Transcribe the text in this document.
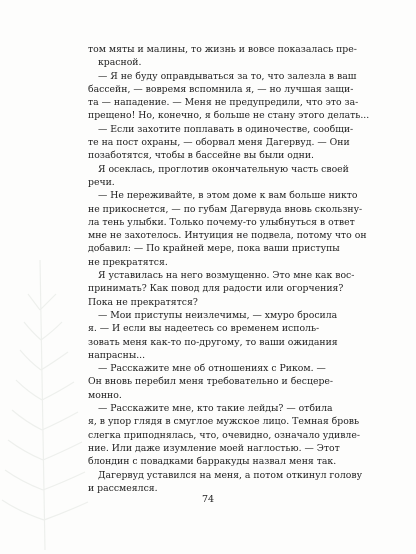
том мяты и малины, то жизнь и вовсе показалась пре-
красной.
— Я не буду оправдываться за то, что залезла в ваш
бассейн, — вовремя вспомнила я, — но лучшая защи-
та — нападение. — Меня не предупредили, что это за-
прещено! Но, конечно, я больше не стану этого делать...
— Если захотите поплавать в одиночестве, сообщи-
те на пост охраны, — оборвал меня Дагервуд. — Они
позаботятся, чтобы в бассейне вы были одни.
Я осеклась, проглотив окончательную часть своей
речи.
— Не переживайте, в этом доме к вам больше никто
не прикоснется, — по губам Дагервуда вновь скользну-
ла тень улыбки. Только почему-то улыбнуться в ответ
мне не захотелось. Интуиция не подвела, потому что он
добавил: — По крайней мере, пока ваши приступы
не прекратятся.
Я уставилась на него возмущенно. Это мне как вос-
принимать? Как повод для радости или огорчения?
Пока не прекратятся?
— Мои приступы неизлечимы, — хмуро бросила
я. — И если вы надеетесь со временем исполь-
зовать меня как-то по-другому, то ваши ожидания
напрасны...
— Расскажите мне об отношениях с Риком. —
Он вновь перебил меня требовательно и бесцере-
монно.
— Расскажите мне, кто такие лейды? — отбила
я, в упор глядя в смуглое мужское лицо. Темная бровь
слегка приподнялась, что, очевидно, означало удивле-
ние. Или даже изумление моей наглостью. — Этот
блондин с повадками барракуды назвал меня так.
Дагервуд уставился на меня, а потом откинул голову
и рассмеялся.
74
